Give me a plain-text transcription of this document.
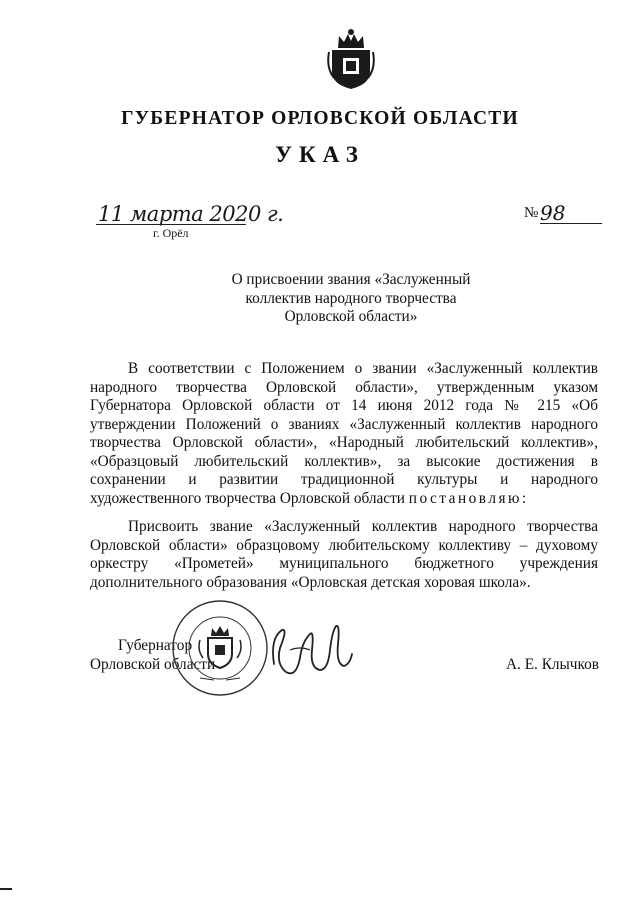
ГУБЕРНАТОР ОРЛОВСКОЙ ОБЛАСТИ
УКАЗ
11 марта 2020 г.
г. Орёл
№ 98
О присвоении звания «Заслуженный
коллектив народного творчества
Орловской области»
В соответствии с Положением о звании «Заслуженный коллектив народного творчества Орловской области», утвержденным указом Губернатора Орловской области от 14 июня 2012 года № 215 «Об утверждении Положений о званиях «Заслуженный коллектив народного творчества Орловской области», «Народный любительский коллектив», «Образцовый любительский коллектив», за высокие достижения в сохранении и развитии традиционной культуры и народного художественного творчества Орловской области постановляю:
Присвоить звание «Заслуженный коллектив народного творчества Орловской области» образцовому любительскому коллективу – духовому оркестру «Прометей» муниципального бюджетного учреждения дополнительного образования «Орловская детская хоровая школа».
Губернатор
Орловской области	А. Е. Клычков
